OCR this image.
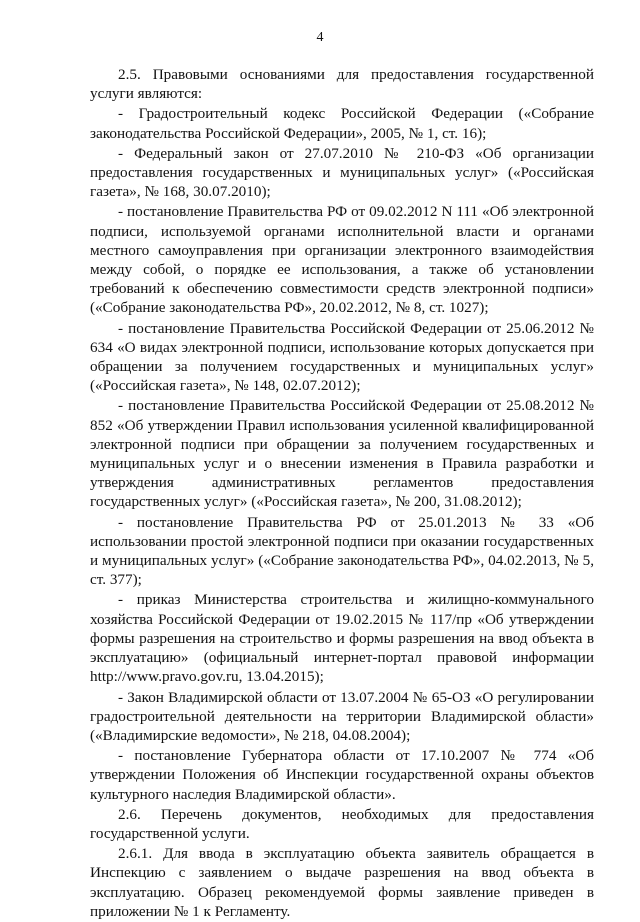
4

2.5. Правовыми основаниями для предоставления государственной услуги являются:

- Градостроительный кодекс Российской Федерации («Собрание законодательства Российской Федерации», 2005, № 1, ст. 16);

- Федеральный закон от 27.07.2010 № 210-ФЗ «Об организации предоставления государственных и муниципальных услуг» («Российская газета», № 168, 30.07.2010);

- постановление Правительства РФ от 09.02.2012 N 111 «Об электронной подписи, используемой органами исполнительной власти и органами местного самоуправления при организации электронного взаимодействия между собой, о порядке ее использования, а также об установлении требований к обеспечению совместимости средств электронной подписи» («Собрание законодательства РФ», 20.02.2012, № 8, ст. 1027);

- постановление Правительства Российской Федерации от 25.06.2012 № 634 «О видах электронной подписи, использование которых допускается при обращении за получением государственных и муниципальных услуг» («Российская газета», № 148, 02.07.2012);

- постановление Правительства Российской Федерации от 25.08.2012 № 852 «Об утверждении Правил использования усиленной квалифицированной электронной подписи при обращении за получением государственных и муниципальных услуг и о внесении изменения в Правила разработки и утверждения административных регламентов предоставления государственных услуг» («Российская газета», № 200, 31.08.2012);

- постановление Правительства РФ от 25.01.2013 № 33 «Об использовании простой электронной подписи при оказании государственных и муниципальных услуг» («Собрание законодательства РФ», 04.02.2013, № 5, ст. 377);

- приказ Министерства строительства и жилищно-коммунального хозяйства Российской Федерации от 19.02.2015 № 117/пр «Об утверждении формы разрешения на строительство и формы разрешения на ввод объекта в эксплуатацию» (официальный интернет-портал правовой информации http://www.pravo.gov.ru, 13.04.2015);

- Закон Владимирской области от 13.07.2004 № 65-ОЗ «О регулировании градостроительной деятельности на территории Владимирской области» («Владимирские ведомости», № 218, 04.08.2004);

- постановление Губернатора области от 17.10.2007 № 774 «Об утверждении Положения об Инспекции государственной охраны объектов культурного наследия Владимирской области».

2.6. Перечень документов, необходимых для предоставления государственной услуги.

2.6.1. Для ввода в эксплуатацию объекта заявитель обращается в Инспекцию с заявлением о выдаче разрешения на ввод объекта в эксплуатацию. Образец рекомендуемой формы заявление приведен в приложении № 1 к Регламенту.
